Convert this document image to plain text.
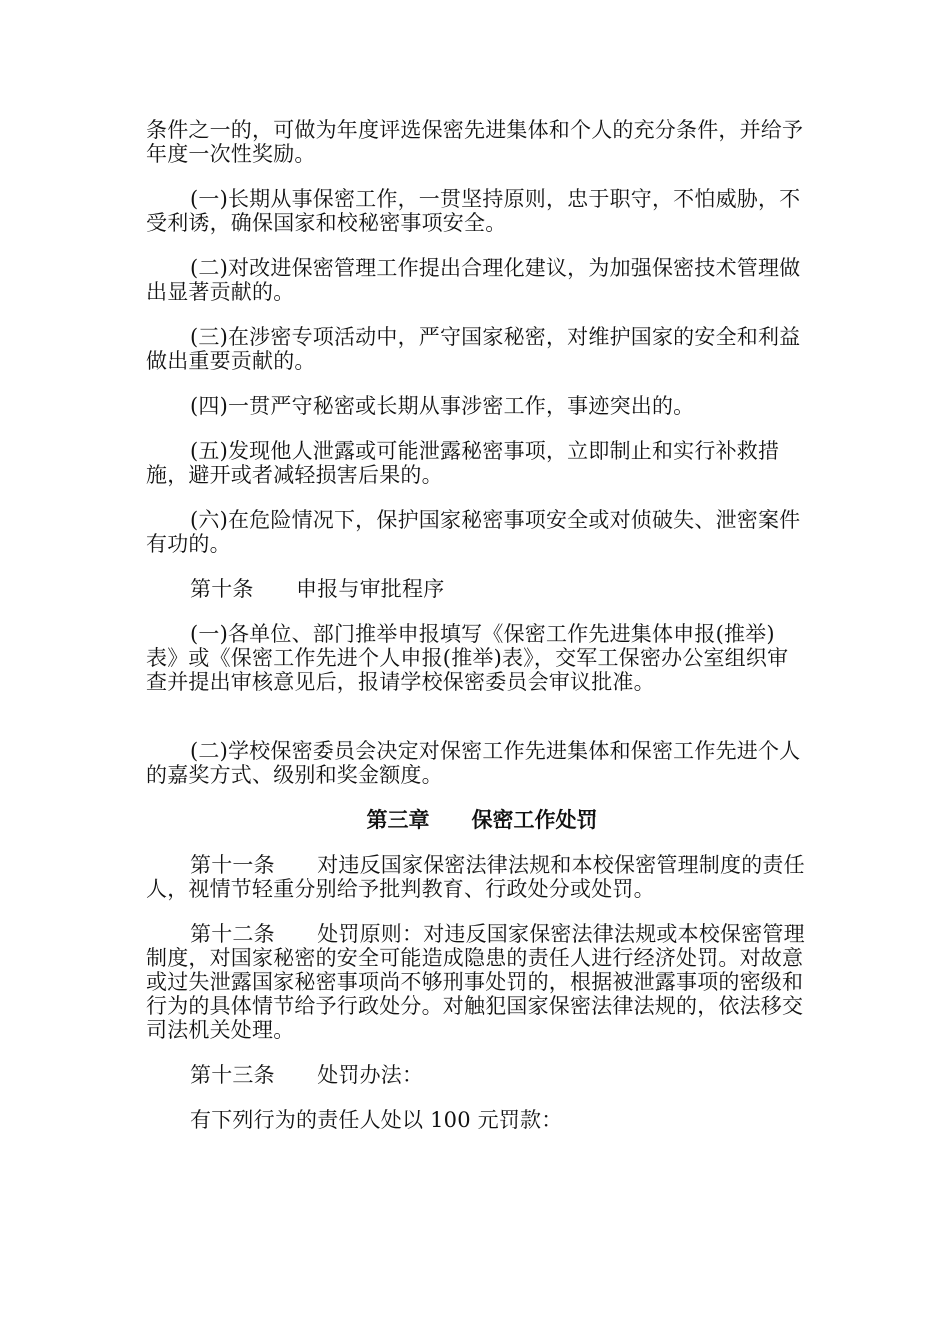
条件之一的，可做为年度评选保密先进集体和个人的充分条件，并给予年度一次性奖励。

(一)长期从事保密工作，一贯坚持原则，忠于职守，不怕威胁，不受利诱，确保国家和校秘密事项安全。

(二)对改进保密管理工作提出合理化建议，为加强保密技术管理做出显著贡献的。

(三)在涉密专项活动中，严守国家秘密，对维护国家的安全和利益做出重要贡献的。

(四)一贯严守秘密或长期从事涉密工作，事迹突出的。

(五)发现他人泄露或可能泄露秘密事项，立即制止和实行补救措施，避开或者减轻损害后果的。

(六)在危险情况下，保护国家秘密事项安全或对侦破失、泄密案件有功的。

第十条　　申报与审批程序

(一)各单位、部门推举申报填写《保密工作先进集体申报(推举)表》或《保密工作先进个人申报(推举)表》，交军工保密办公室组织审查并提出审核意见后，报请学校保密委员会审议批准。

(二)学校保密委员会决定对保密工作先进集体和保密工作先进个人的嘉奖方式、级别和奖金额度。

第三章　　保密工作处罚

第十一条　　对违反国家保密法律法规和本校保密管理制度的责任人，视情节轻重分别给予批判教育、行政处分或处罚。

第十二条　　处罚原则：对违反国家保密法律法规或本校保密管理制度，对国家秘密的安全可能造成隐患的责任人进行经济处罚。对故意或过失泄露国家秘密事项尚不够刑事处罚的，根据被泄露事项的密级和行为的具体情节给予行政处分。对触犯国家保密法律法规的，依法移交司法机关处理。

第十三条　　处罚办法：

有下列行为的责任人处以 100 元罚款：
